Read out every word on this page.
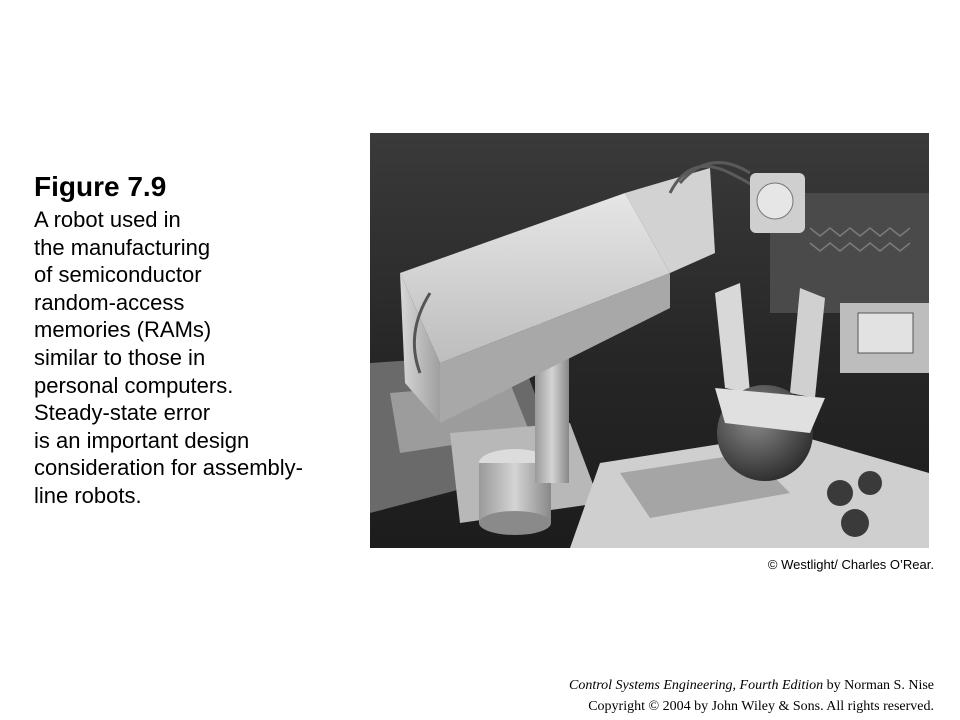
Figure 7.9
A robot used in
the manufacturing
of semiconductor
random-access
memories (RAMs)
similar to those in
personal computers.
Steady-state error
is an important design
consideration for assembly-
line robots.
© Westlight/ Charles O’Rear.
Control Systems Engineering, Fourth Edition by Norman S. Nise
Copyright © 2004 by John Wiley & Sons. All rights reserved.
